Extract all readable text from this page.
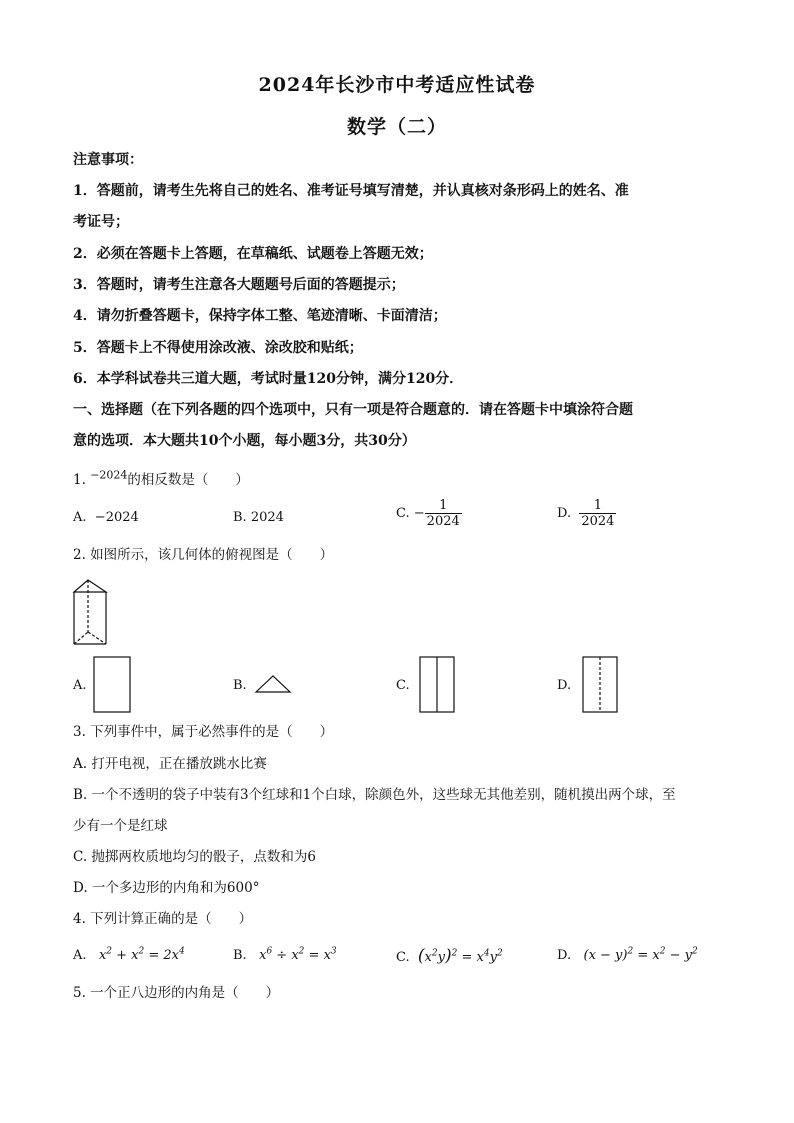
2024年长沙市中考适应性试卷
数学（二）
注意事项：
1．答题前，请考生先将自己的姓名、准考证号填写清楚，并认真核对条形码上的姓名、准
考证号；
2．必须在答题卡上答题，在草稿纸、试题卷上答题无效；
3．答题时，请考生注意各大题题号后面的答题提示；
4．请勿折叠答题卡，保持字体工整、笔迹清晰、卡面清洁；
5．答题卡上不得使用涂改液、涂改胶和贴纸；
6．本学科试卷共三道大题，考试时量120分钟，满分120分．
一、选择题（在下列各题的四个选项中，只有一项是符合题意的．请在答题卡中填涂符合题
意的选项．本大题共10个小题，每小题3分，共30分）
1. $^{-2024}$的相反数是（　　）
A. −2024	B. 2024	C. − $\frac{1}{2024}$	D. $\frac{1}{2024}$
2. 如图所示，该几何体的俯视图是（　　）
A.	B.	C.	D.
3. 下列事件中，属于必然事件的是（　　）
A. 打开电视，正在播放跳水比赛
B. 一个不透明的袋子中装有3个红球和1个白球，除颜色外，这些球无其他差别，随机摸出两个球，至
少有一个是红球
C. 抛掷两枚质地均匀的骰子，点数和为6
D. 一个多边形的内角和为600°
4. 下列计算正确的是（　　）
A. $x^2 + x^2 = 2x^4$	B. $x^6 \div x^2 = x^3$	C. $(x^2y)^2 = x^4y^2$	D. $(x - y)^2 = x^2 - y^2$
5. 一个正八边形的内角是（　　）
